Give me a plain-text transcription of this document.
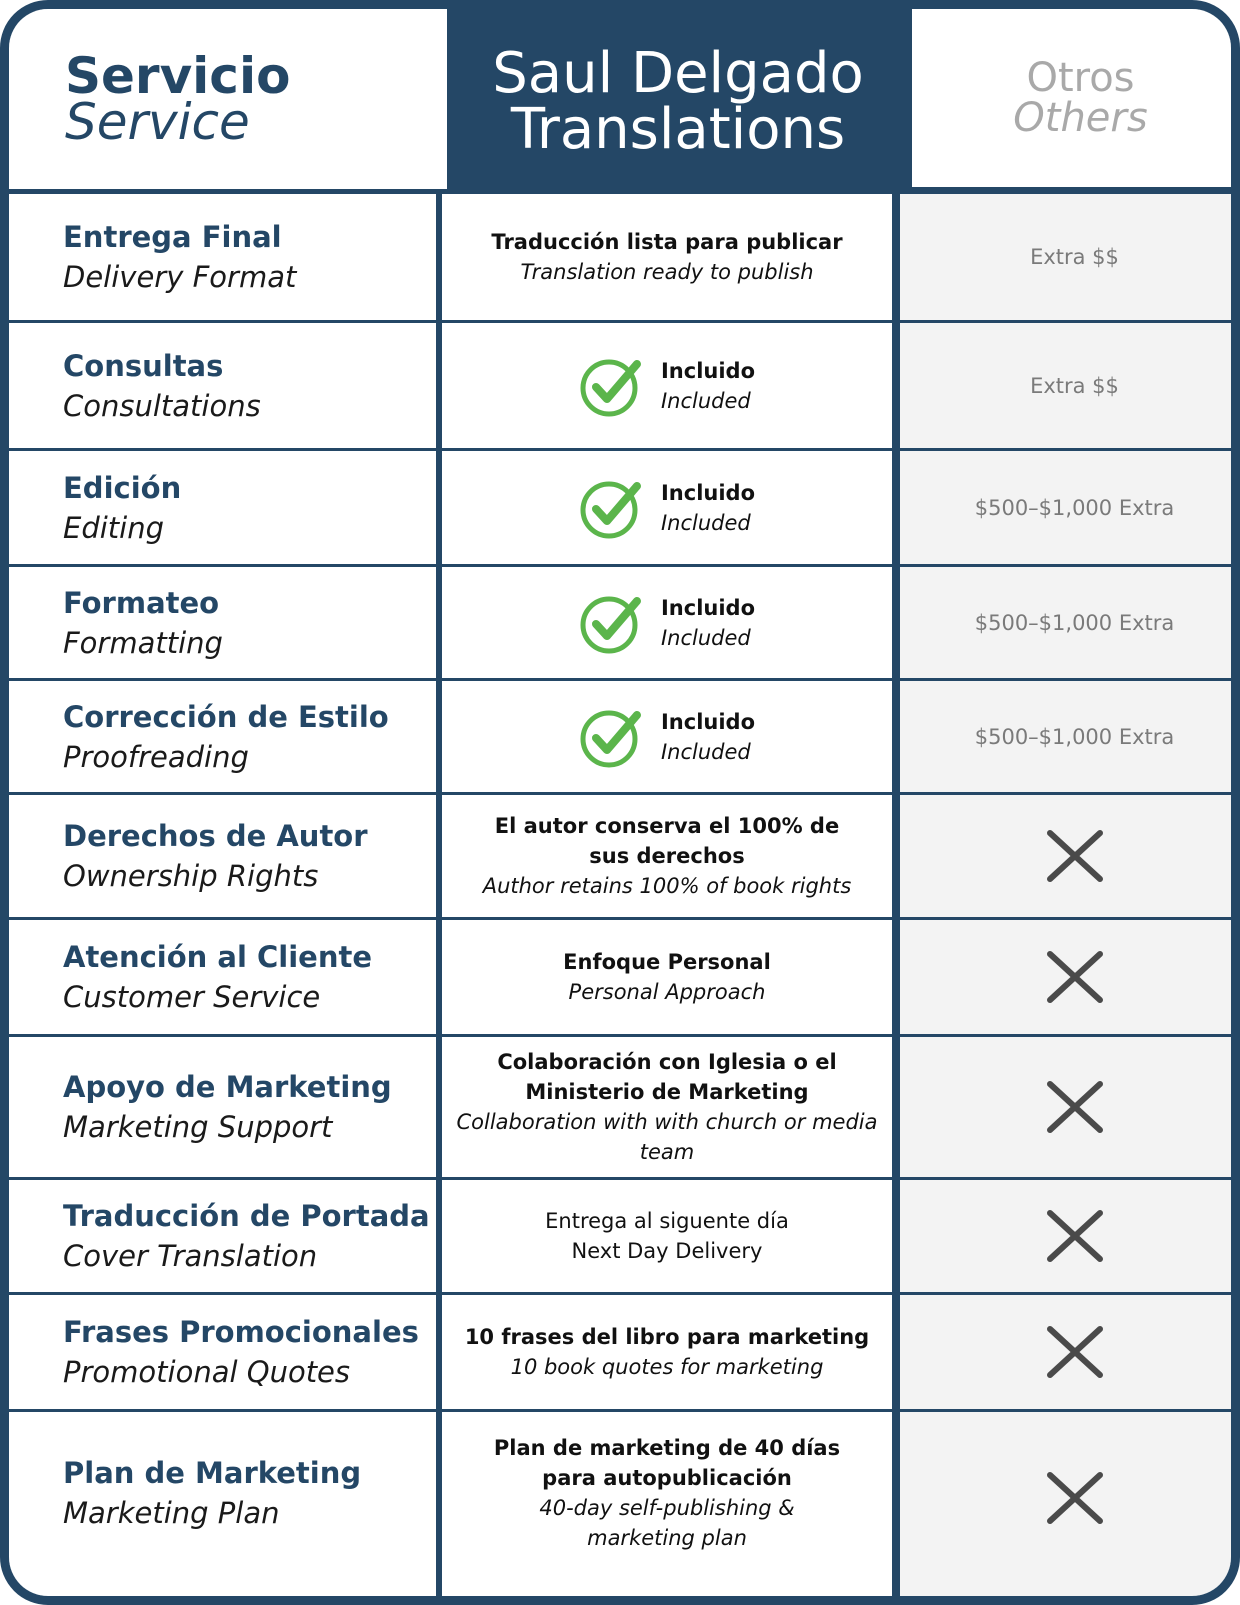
Servicio
Service
Saul Delgado
Translations
Otros
Others
Entrega Final
Delivery Format
Traducción lista para publicar
Translation ready to publish
Extra $$
Consultas
Consultations
Incluido
Included
Extra $$
Edición
Editing
Incluido
Included
$500–$1,000 Extra
Formateo
Formatting
Incluido
Included
$500–$1,000 Extra
Corrección de Estilo
Proofreading
Incluido
Included
$500–$1,000 Extra
Derechos de Autor
Ownership Rights
El autor conserva el 100% de sus derechos
Author retains 100% of book rights
Atención al Cliente
Customer Service
Enfoque Personal
Personal Approach
Apoyo de Marketing
Marketing Support
Colaboración con Iglesia o el Ministerio de Marketing
Collaboration with with church or media team
Traducción de Portada
Cover Translation
Entrega al siguente día
Next Day Delivery
Frases Promocionales
Promotional Quotes
10 frases del libro para marketing
10 book quotes for marketing
Plan de Marketing
Marketing Plan
Plan de marketing de 40 días para autopublicación
40-day self-publishing & marketing plan
